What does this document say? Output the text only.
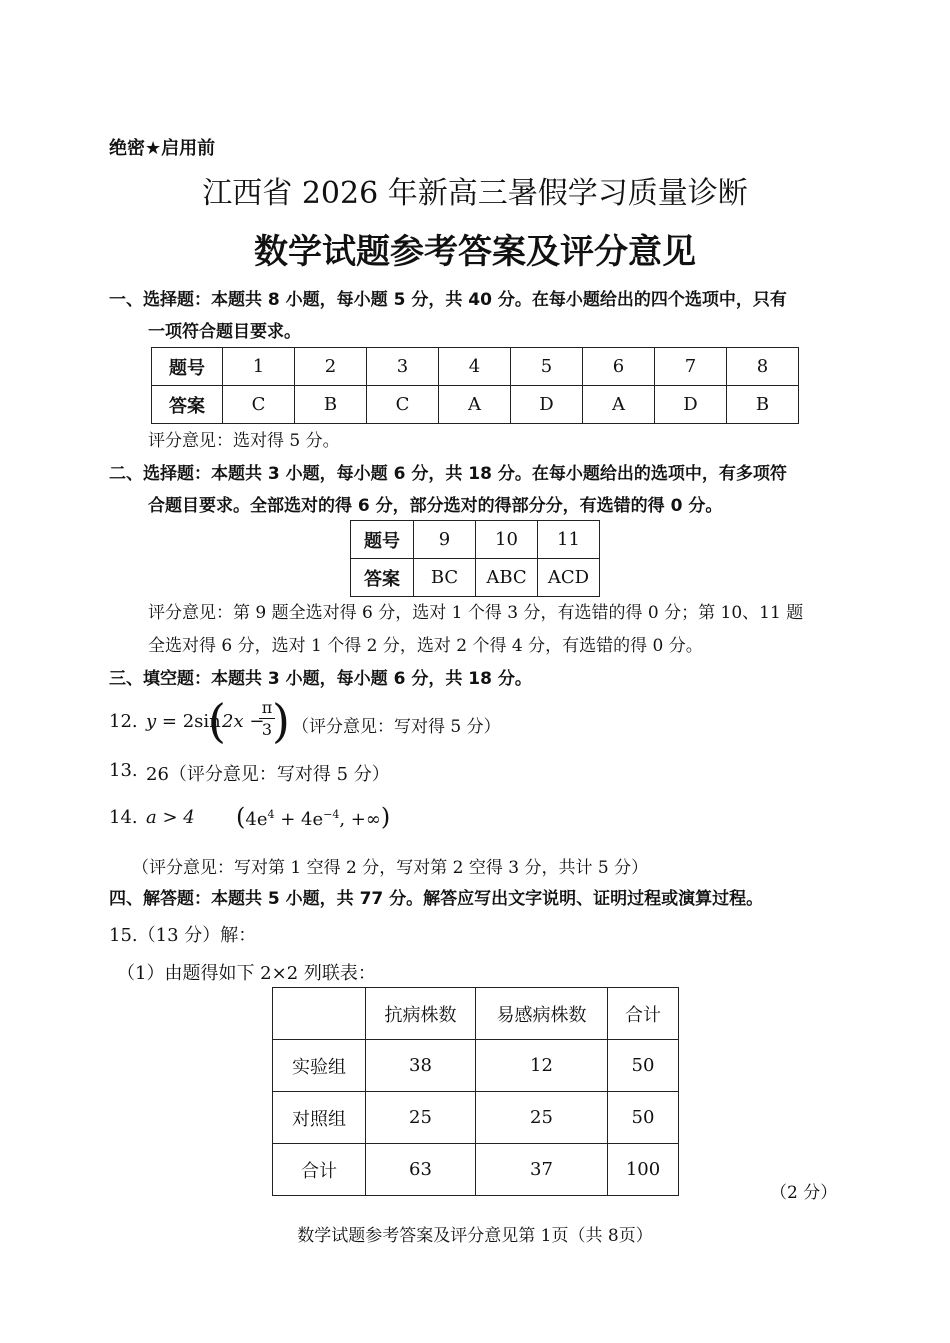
绝密★启用前
江西省 2026 年新高三暑假学习质量诊断
数学试题参考答案及评分意见
一、选择题：本题共 8 小题，每小题 5 分，共 40 分。在每小题给出的四个选项中，只有
一项符合题目要求。
题号	1	2	3	4	5	6	7	8
答案	C	B	C	A	D	A	D	B
评分意见：选对得 5 分。
二、选择题：本题共 3 小题，每小题 6 分，共 18 分。在每小题给出的选项中，有多项符
合题目要求。全部选对的得 6 分，部分选对的得部分分，有选错的得 0 分。
题号	9	10	11
答案	BC	ABC	ACD
评分意见：第 9 题全选对得 6 分，选对 1 个得 3 分，有选错的得 0 分；第 10、11 题
全选对得 6 分，选对 1 个得 2 分，选对 2 个得 4 分，有选错的得 0 分。
三、填空题：本题共 3 小题，每小题 6 分，共 18 分。
12. y = 2sin
(
2x −
$\frac{\pi}{3}$
) （评分意见：写对得 5 分）
13. 26（评分意见：写对得 5 分）
14. a > 4 ($4e^4 + 4e^{-4}$, +∞)
（评分意见：写对第 1 空得 2 分，写对第 2 空得 3 分，共计 5 分）
四、解答题：本题共 5 小题，共 77 分。解答应写出文字说明、证明过程或演算过程。
15.（13 分）解：
（1）由题得如下 2×2 列联表：
	抗病株数	易感病株数	合计
实验组	38	12	50
对照组	25	25	50
合计	63	37	100
（2 分）
数学试题参考答案及评分意见第 1页（共 8页）
